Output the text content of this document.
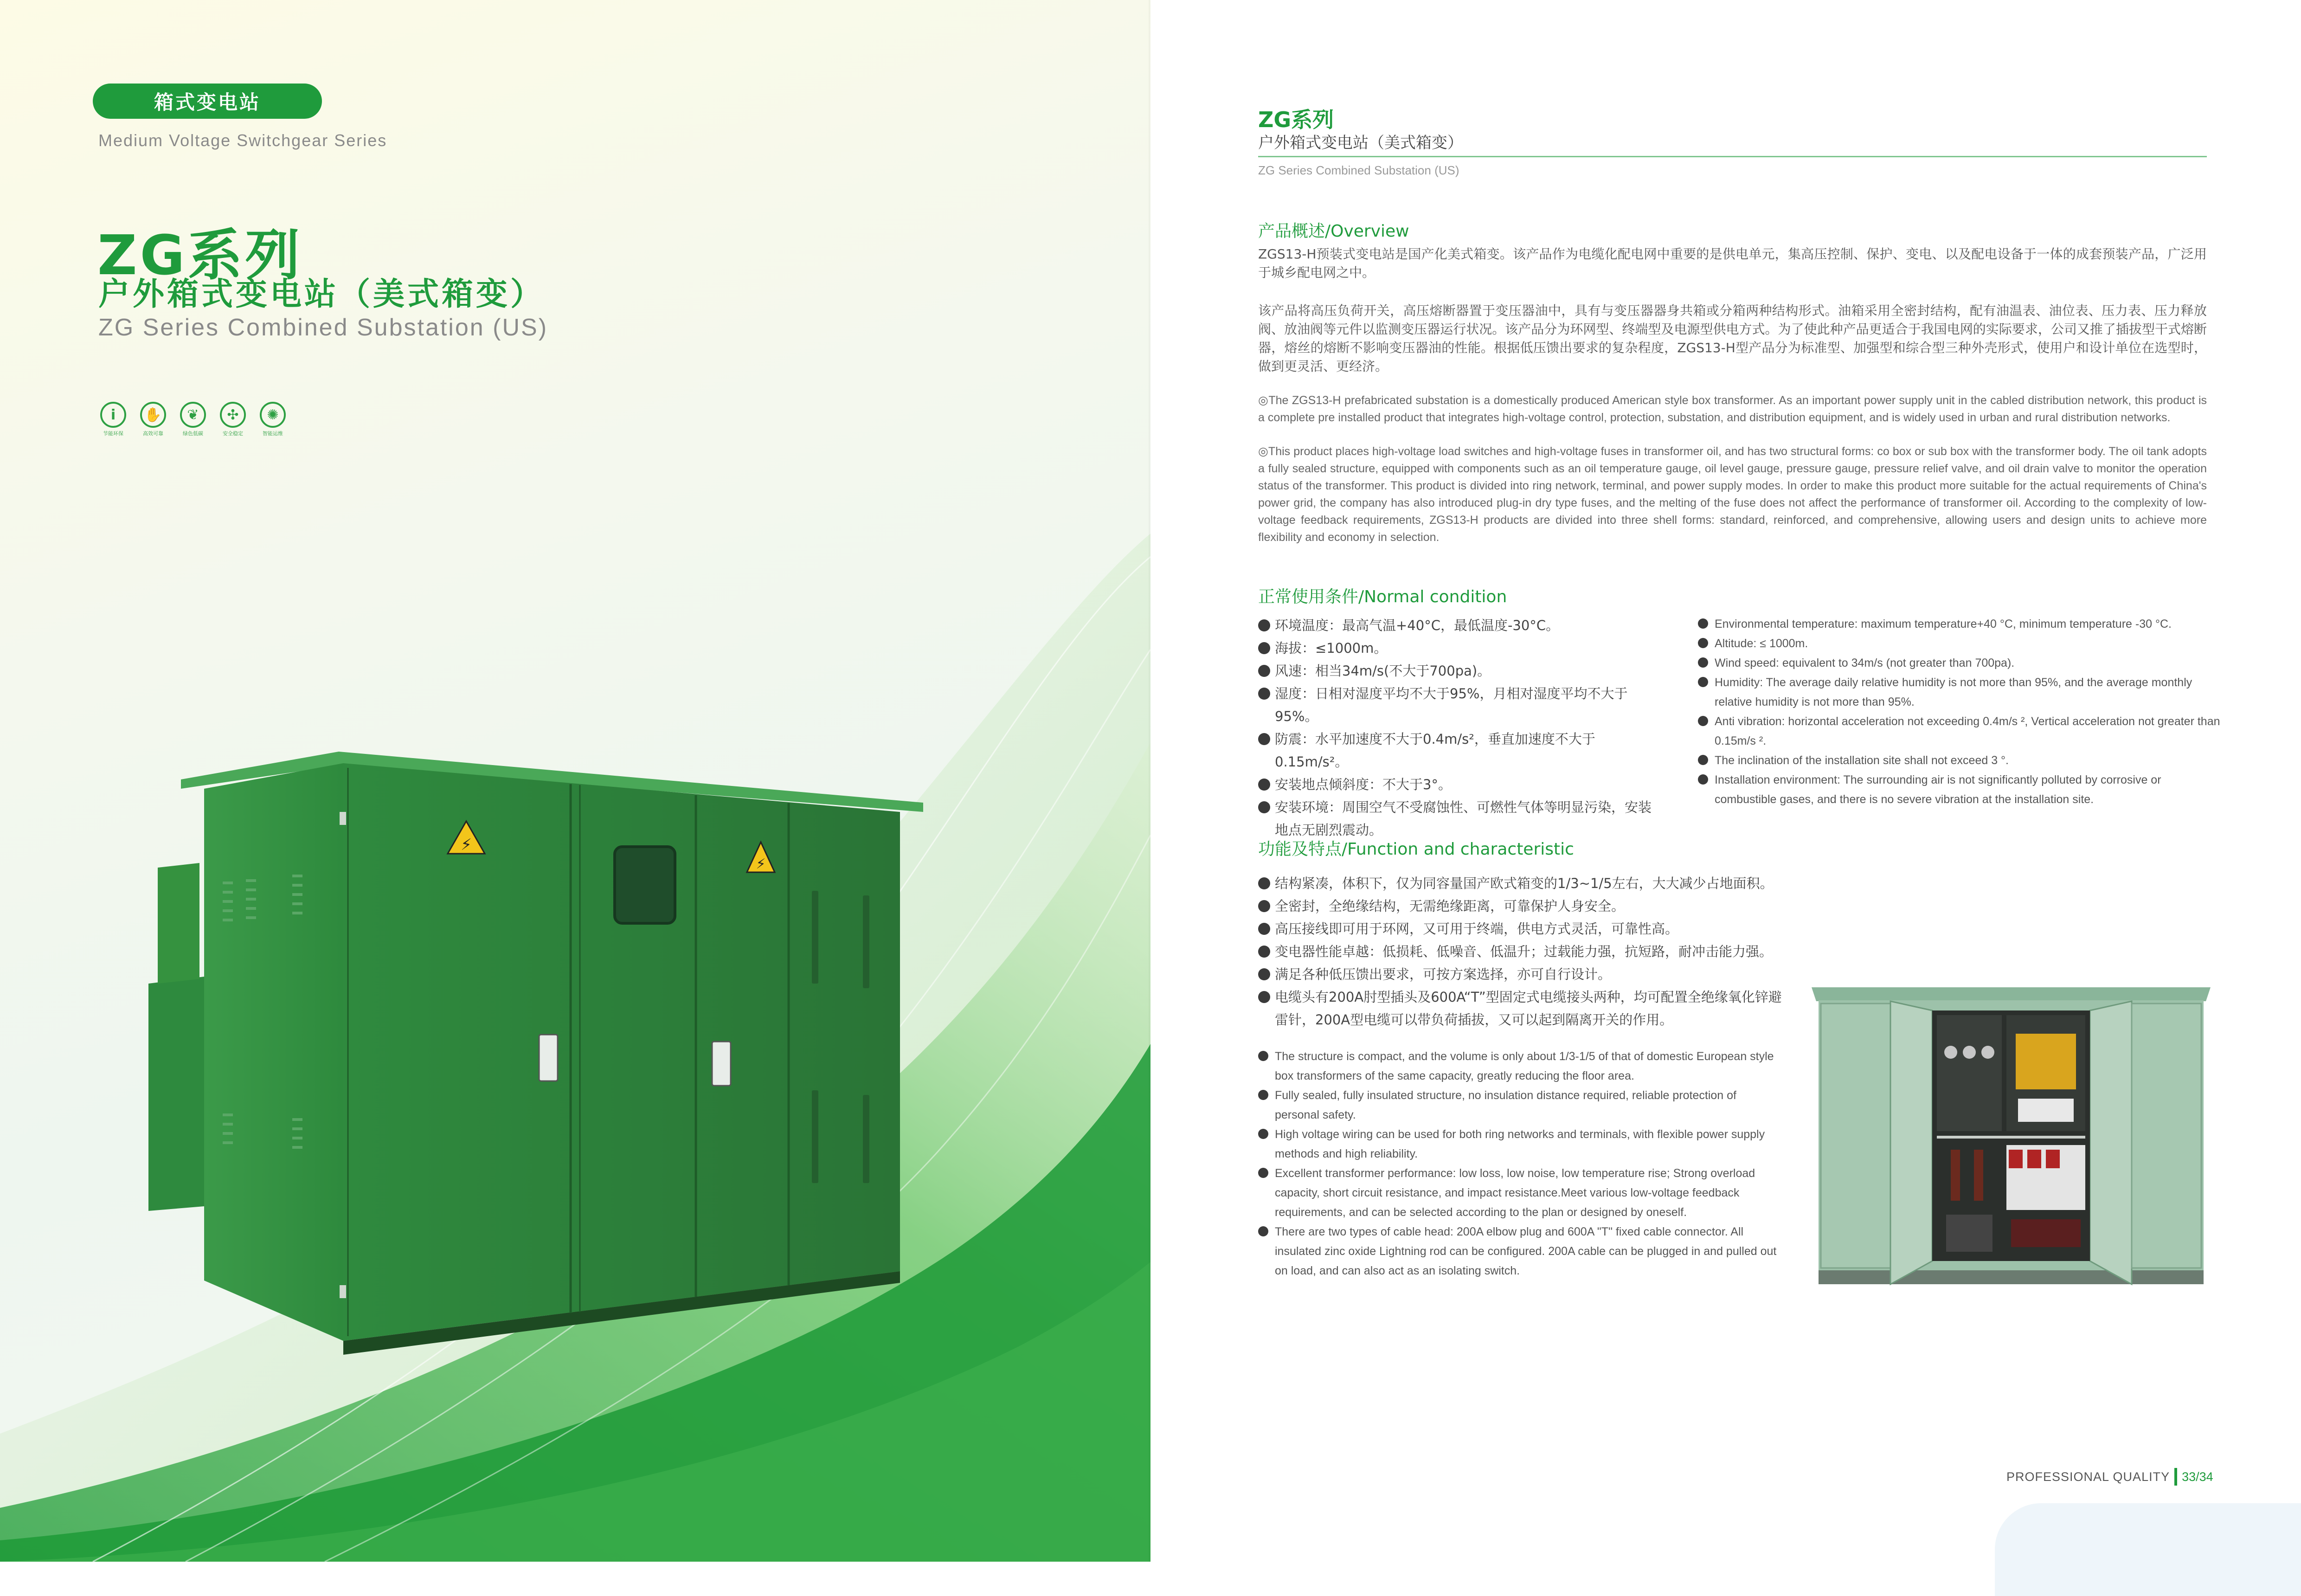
箱式变电站
Medium Voltage Switchgear Series
ZG系列
户外箱式变电站（美式箱变）
ZG Series Combined Substation (US)
i
节能环保
✋
高效可靠
❦
绿色低碳
✣
安全稳定
✺
智能运维
⚡
⚡
ZG系列
户外箱式变电站（美式箱变）
ZG Series Combined Substation (US)
产品概述/Overview

ZGS13-H预装式变电站是国产化美式箱变。该产品作为电缆化配电网中重要的是供电单元，集高压控制、保护、变电、以及配电设备于一体的成套预装产品，广泛用于城乡配电网之中。

该产品将高压负荷开关，高压熔断器置于变压器油中，具有与变压器器身共箱或分箱两种结构形式。油箱采用全密封结构，配有油温表、油位表、压力表、压力释放阀、放油阀等元件以监测变压器运行状况。该产品分为环网型、终端型及电源型供电方式。为了使此种产品更适合于我国电网的实际要求，公司又推了插拔型干式熔断器，熔丝的熔断不影响变压器油的性能。根据低压馈出要求的复杂程度，ZGS13-H型产品分为标准型、加强型和综合型三种外壳形式，使用户和设计单位在选型时，做到更灵活、更经济。

◎The ZGS13-H prefabricated substation is a domestically produced American style box transformer. As an important power supply unit in the cabled distribution network, this product is a complete pre installed product that integrates high-voltage control, protection, substation, and distribution equipment, and is widely used in urban and rural distribution networks.

◎This product places high-voltage load switches and high-voltage fuses in transformer oil, and has two structural forms: co box or sub box with the transformer body. The oil tank adopts a fully sealed structure, equipped with components such as an oil temperature gauge, oil level gauge, pressure gauge, pressure relief valve, and oil drain valve to monitor the operation status of the transformer. This product is divided into ring network, terminal, and power supply modes. In order to make this product more suitable for the actual requirements of China's power grid, the company has also introduced plug-in dry type fuses, and the melting of the fuse does not affect the performance of transformer oil. According to the complexity of low-voltage feedback requirements, ZGS13-H products are divided into three shell forms: standard, reinforced, and comprehensive, allowing users and design units to achieve more flexibility and economy in selection.

正常使用条件/Normal condition
环境温度：最高气温+40°C，最低温度-30°C。
海拔：≤1000m。
风速：相当34m/s(不大于700pa)。
湿度：日相对湿度平均不大于95%，月相对湿度平均不大于95%。
防震：水平加速度不大于0.4m/s²，垂直加速度不大于0.15m/s²。
安装地点倾斜度：不大于3°。
安装环境：周围空气不受腐蚀性、可燃性气体等明显污染，安装地点无剧烈震动。
Environmental temperature: maximum temperature+40 °C, minimum temperature -30 °C.
Altitude: ≤ 1000m.
Wind speed: equivalent to 34m/s (not greater than 700pa).
Humidity: The average daily relative humidity is not more than 95%, and the average monthly relative humidity is not more than 95%.
Anti vibration: horizontal acceleration not exceeding 0.4m/s ², Vertical acceleration not greater than 0.15m/s ².
The inclination of the installation site shall not exceed 3 °.
Installation environment: The surrounding air is not significantly polluted by corrosive or combustible gases, and there is no severe vibration at the installation site.
功能及特点/Function and characteristic
结构紧凑，体积下，仅为同容量国产欧式箱变的1/3~1/5左右，大大减少占地面积。
全密封，全绝缘结构，无需绝缘距离，可靠保护人身安全。
高压接线即可用于环网，又可用于终端，供电方式灵活，可靠性高。
变电器性能卓越：低损耗、低噪音、低温升；过载能力强，抗短路，耐冲击能力强。
满足各种低压馈出要求，可按方案选择，亦可自行设计。
电缆头有200A肘型插头及600A“T”型固定式电缆接头两种，均可配置全绝缘氧化锌避雷针，200A型电缆可以带负荷插拔，又可以起到隔离开关的作用。
The structure is compact, and the volume is only about 1/3-1/5 of that of domestic European style box transformers of the same capacity, greatly reducing the floor area.
Fully sealed, fully insulated structure, no insulation distance required, reliable protection of personal safety.
High voltage wiring can be used for both ring networks and terminals, with flexible power supply methods and high reliability.
Excellent transformer performance: low loss, low noise, low temperature rise; Strong overload capacity, short circuit resistance, and impact resistance.Meet various low-voltage feedback requirements, and can be selected according to the plan or designed by oneself.
There are two types of cable head: 200A elbow plug and 600A "T" fixed cable connector. All insulated zinc oxide Lightning rod can be configured. 200A cable can be plugged in and pulled out on load, and can also act as an isolating switch.
PROFESSIONAL QUALITY 33/34
